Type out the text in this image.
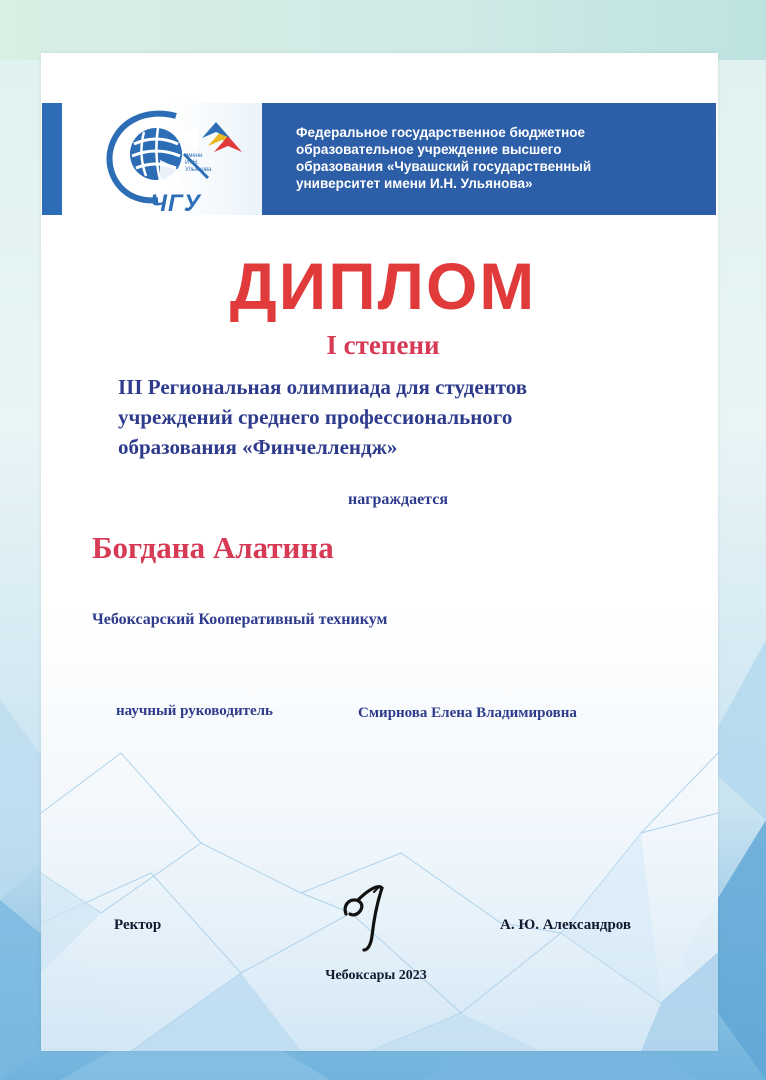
имени
И. Н. Ульянова
ЧГУ
Федеральное государственное бюджетное
образовательное учреждение высшего
образования «Чувашский государственный
университет имени И.Н. Ульянова»
ДИПЛОМ
I степени
III Региональная олимпиада для студентов
учреждений среднего профессионального
образования «Финчеллендж»
награждается
Богдана Алатина
Чебоксарский Кооперативный техникум
научный руководитель	Смирнова Елена Владимировна
Ректор	А. Ю. Александров
Чебоксары 2023
